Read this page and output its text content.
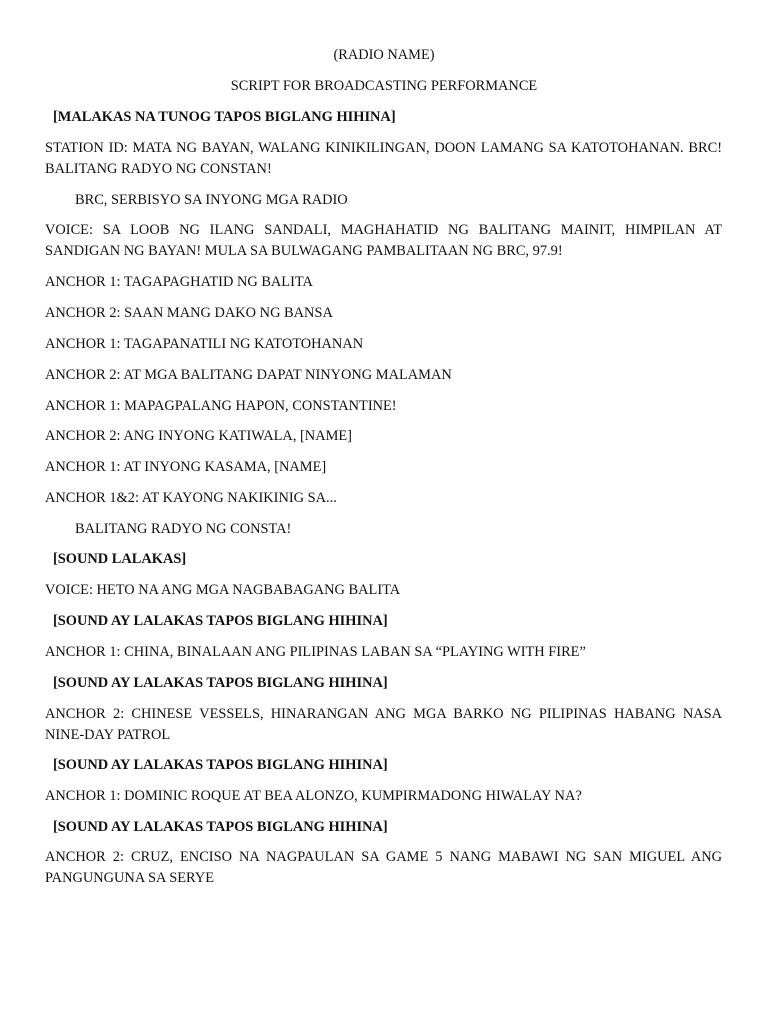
(RADIO NAME)

SCRIPT FOR BROADCASTING PERFORMANCE

[MALAKAS NA TUNOG TAPOS BIGLANG HIHINA]

STATION ID: MATA NG BAYAN, WALANG KINIKILINGAN, DOON LAMANG SA KATOTOHANAN. BRC! BALITANG RADYO NG CONSTAN!

BRC, SERBISYO SA INYONG MGA RADIO

VOICE: SA LOOB NG ILANG SANDALI, MAGHAHATID NG BALITANG MAINIT, HIMPILAN AT SANDIGAN NG BAYAN! MULA SA BULWAGANG PAMBALITAAN NG BRC, 97.9!

ANCHOR 1: TAGAPAGHATID NG BALITA

ANCHOR 2: SAAN MANG DAKO NG BANSA

ANCHOR 1: TAGAPANATILI NG KATOTOHANAN

ANCHOR 2: AT MGA BALITANG DAPAT NINYONG MALAMAN

ANCHOR 1: MAPAGPALANG HAPON, CONSTANTINE!

ANCHOR 2: ANG INYONG KATIWALA, [NAME]

ANCHOR 1: AT INYONG KASAMA, [NAME]

ANCHOR 1&2: AT KAYONG NAKIKINIG SA...

BALITANG RADYO NG CONSTA!

[SOUND LALAKAS]

VOICE: HETO NA ANG MGA NAGBABAGANG BALITA

[SOUND AY LALAKAS TAPOS BIGLANG HIHINA]

ANCHOR 1: CHINA, BINALAAN ANG PILIPINAS LABAN SA “PLAYING WITH FIRE”

[SOUND AY LALAKAS TAPOS BIGLANG HIHINA]

ANCHOR 2: CHINESE VESSELS, HINARANGAN ANG MGA BARKO NG PILIPINAS HABANG NASA NINE-DAY PATROL

[SOUND AY LALAKAS TAPOS BIGLANG HIHINA]

ANCHOR 1: DOMINIC ROQUE AT BEA ALONZO, KUMPIRMADONG HIWALAY NA?

[SOUND AY LALAKAS TAPOS BIGLANG HIHINA]

ANCHOR 2: CRUZ, ENCISO NA NAGPAULAN SA GAME 5 NANG MABAWI NG SAN MIGUEL ANG PANGUNGUNA SA SERYE
